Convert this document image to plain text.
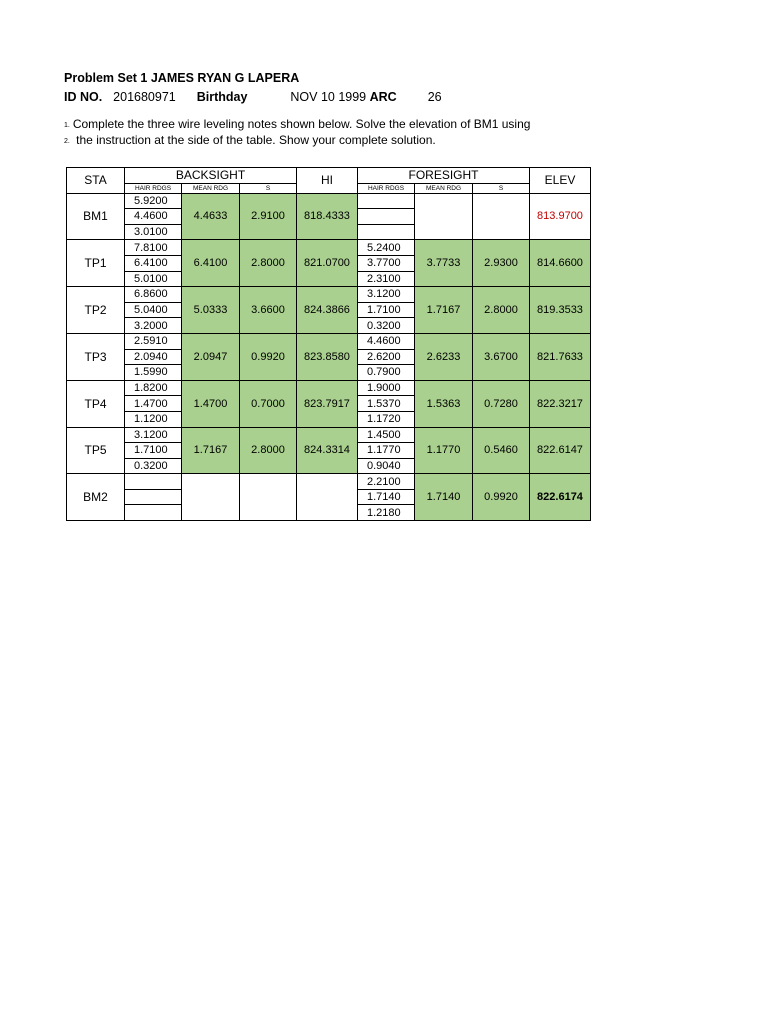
Problem Set 1 JAMES RYAN G LAPERA
ID NO. 201680971 Birthday	NOV 10 1999 ARC 26
1. Complete the three wire leveling notes shown below. Solve the elevation of BM1 using
2. the instruction at the side of the table. Show your complete solution.
STA	BACKSIGHT			HI	FORESIGHT			ELEV
	HAIR RDGS	MEAN RDG	S		HAIR RDGS	MEAN RDG	S	
BM1	5.9200	4.4633	2.9100	818.4333				813.9700
	4.4600							
	3.0100							
TP1	7.8100	6.4100	2.8000	821.0700	5.2400	3.7733	2.9300	814.6600
	6.4100				3.7700			
	5.0100				2.3100			
TP2	6.8600	5.0333	3.6600	824.3866	3.1200	1.7167	2.8000	819.3533
	5.0400				1.7100			
	3.2000				0.3200			
TP3	2.5910	2.0947	0.9920	823.8580	4.4600	2.6233	3.6700	821.7633
	2.0940				2.6200			
	1.5990				0.7900			
TP4	1.8200	1.4700	0.7000	823.7917	1.9000	1.5363	0.7280	822.3217
	1.4700				1.5370			
	1.1200				1.1720			
TP5	3.1200	1.7167	2.8000	824.3314	1.4500	1.1770	0.5460	822.6147
	1.7100				1.1770			
	0.3200				0.9040			
BM2					2.2100	1.7140	0.9920	822.6174
					1.7140			
					1.2180			
